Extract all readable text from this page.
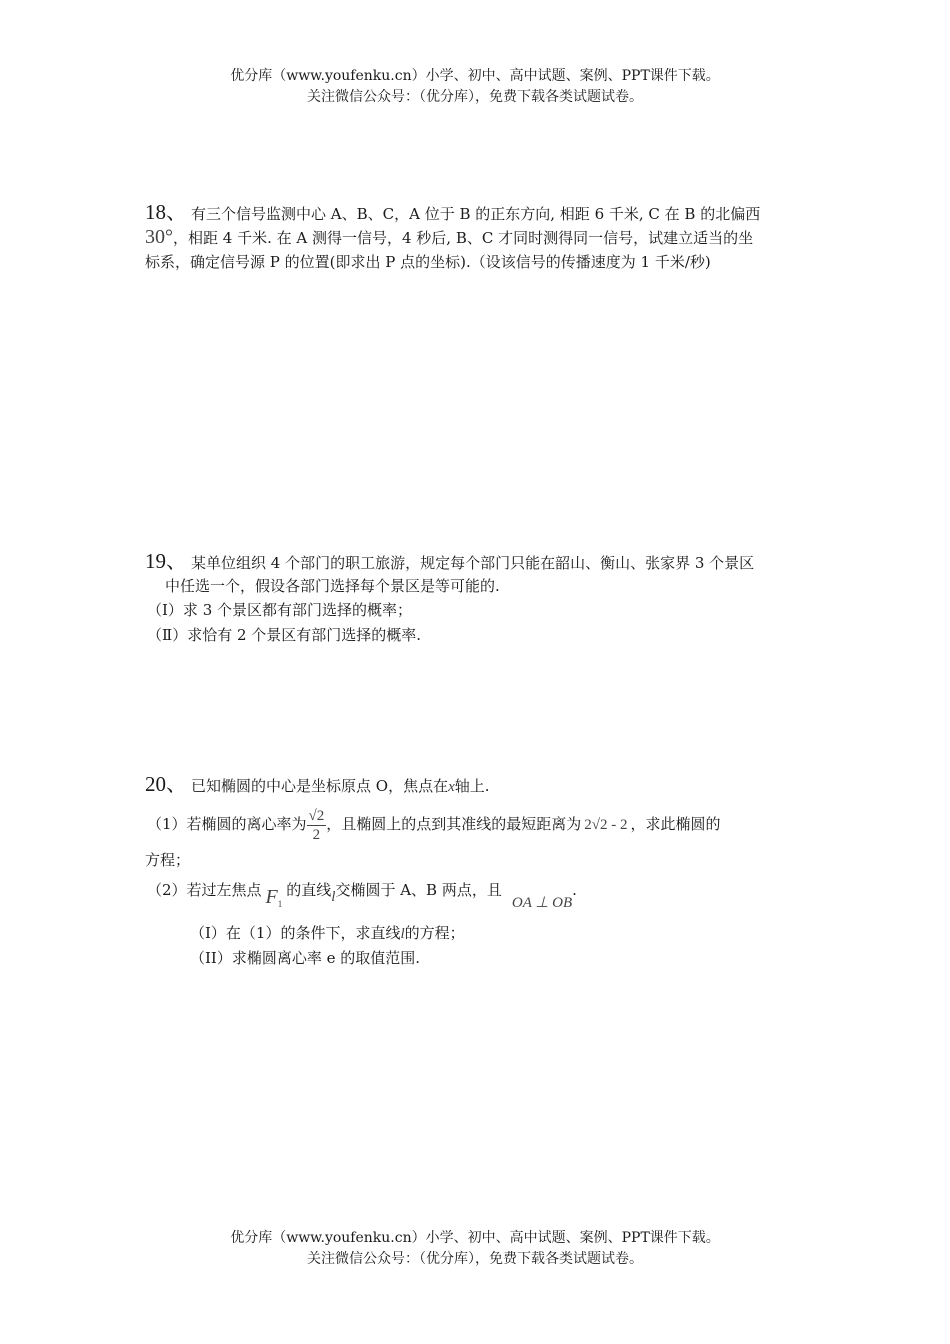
优分库（www.youfenku.cn）小学、初中、高中试题、案例、PPT课件下载。
关注微信公众号：（优分库），免费下载各类试题试卷。
18、 有三个信号监测中心 A、B、C，A 位于 B 的正东方向, 相距 6 千米, C 在 B 的北偏西
30°，相距 4 千米. 在 A 测得一信号，4 秒后, B、C 才同时测得同一信号，试建立适当的坐
标系，确定信号源 P 的位置(即求出 P 点的坐标).（设该信号的传播速度为 1 千米/秒)
19、 某单位组织 4 个部门的职工旅游，规定每个部门只能在韶山、衡山、张家界 3 个景区
中任选一个，假设各部门选择每个景区是等可能的.
（Ⅰ）求 3 个景区都有部门选择的概率；
（Ⅱ）求恰有 2 个景区有部门选择的概率.
20、 已知椭圆的中心是坐标原点 O，焦点在x轴上.
（1）若椭圆的离心率为 $\frac{√2}{2}$ ，且椭圆上的点到其准线的最短距离为 2√2 - 2 ，求此椭圆的
方程；
（2）若过左焦点 $F_1$的直线l交椭圆于 A、B 两点，且OA ⊥ OB.
（I）在（1）的条件下，求直线l的方程；
（II）求椭圆离心率 e 的取值范围.
优分库（www.youfenku.cn）小学、初中、高中试题、案例、PPT课件下载。
关注微信公众号：（优分库），免费下载各类试题试卷。
